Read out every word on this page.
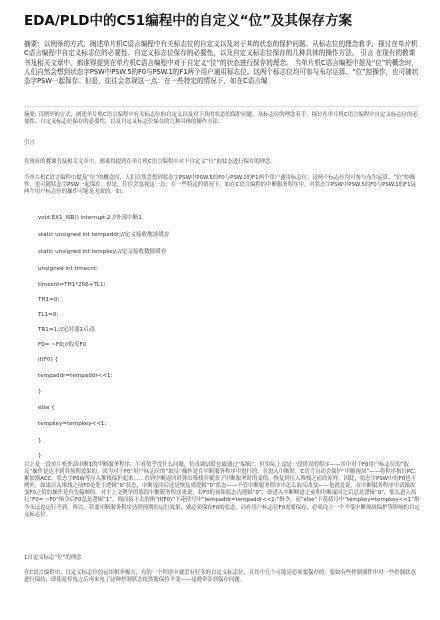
EDA/PLD中的C51编程中的自定义“位”及其保存方案
摘要：以例举的方式，阐述单片机C语言编程中有关标志位的自定义以及对于其的状态的保护问题。从标志位的理念着手，探讨在单片机C语言编程中自定义标志位的必要性、自定义标志位保存的必要性，以及自定义标志位保存的几种具体的操作方法。 引言 在现有的教课书及相关文章中，都谁得提到在单片机C语言编程中对于自定义“位”的状态进行保存的理念。 当单片机C语言编程中提及“位”的概念时，人们自然会想到状态字PSW中PSW.5的F0与PSW.1的F1两个用户通用标志位。这两个标志位均可参与布尔运算、“位”控操作，也可随状态字PSW一起保存。但是，往往会忽视这一点：在一些特定的情况下，如在C语言编
摘要: 以例举的方式，阐述单片机C语言编程中有关标志位的自定义以及对于其的状态的保护问题。从标志位的理念着手，探讨在单片机C语言编程中自定义标志位的必要性、自定义标志位保存的必要性，以及自定义标志位保存的几种具体的操作方法。
引言
在现有的教课书及相关文章中，都谁得提到在单片机C语言编程中对于自定义“位”的状态进行保存的理念。
当单片机C语言编程中提及“位”的概念时，人们自然会想到状态字PSW中PSW.5的F0与PSW.1的F1两个用户通用标志位。这两个标志位均可参与布尔运算、“位”控操作，也可随状态字PSW一起保存。但是，往往会忽视这一点：在一些特定的情况下，如在C语言编程的中断服务程序中，对状态字PSW中PSW.5的F0与PSW.1的F1这两个用户标志位的操作可能是无效的。如：
void EX1_ISR() interrupt 2 //外部中断1
static unsigned int tempaddr;//定义接收地址缓存
static unsigned int tempkey;//定义接收数据缓存
unsigned int timecnt;
timecnt=TH1*256+TL1;
TH1=0;
TL1=0;
TR1=1;//定时器1启动
F0= ~F0;//取反F0
if(F0) {
tempaddr=tempaddr<<1;
}
else {
tempkey=tempkey<<1;
}
}
以上是一段单片机外部中断1的中断服务程序，乍看似乎没什么问题，仿真调试时也能通过“编辑”。但实际上这是一段错误的程序——其中对于F0用户标志位的“取反”操作是达不到其预期效果的。因为对于F0“用户标志位的“取反”操作是在中断服务程序中进行的，在进入中断时，C语言自动会保护“中断现场”——将程序指针PC、累加器ACC、状态字PSW等压入堆栈保护起来……直到中断返回时弹出堆栈并覆盖了中断服务时的变值，恢复到压入堆栈之前的原样。因此，状态字PSW中的F0也不例外，如果压入堆栈之前F0是处于逻辑“0”状态，中断返回后还是恢复成逻辑“0”状态——不管中断服务程序中怎么取反改变——也就是说，在中断服务程序中试图改变F0之值的操作是有失偏颇的。对于上文例举的那段中断服务程序来说，若F0的初始状态为逻辑“0”，即进入中断断进之前和中断返回之后总是逻辑“0”，那么进入执行“F0= ~F0”指令后F0总是逻辑“1”，则而接下去的指“if(F0)”下花括号中“tempaddr=tempaddr<<1;”指令，而“else”下花括号中“tempkey=tempkey<<1”指令永远也运行不到。所以，若要中断服务程序达到预期的运行效果，就必须保存F0的状态。而在用户标志位F0需要保存，必须设立一个不受中断现场保护等影响的自定义标志位。
1自定义标志“位”的理念
在C语言编程中，自定义标志位的运用相率极大，有的一个程序中就会有好多的自定义标志位，且其中几个可能是必须要保存的。要如有些控制器件中对一些控制状态进行保持，即使是停电之后再来电了这种控制状态依然能保持不变——这就牵涉到保存问题。
